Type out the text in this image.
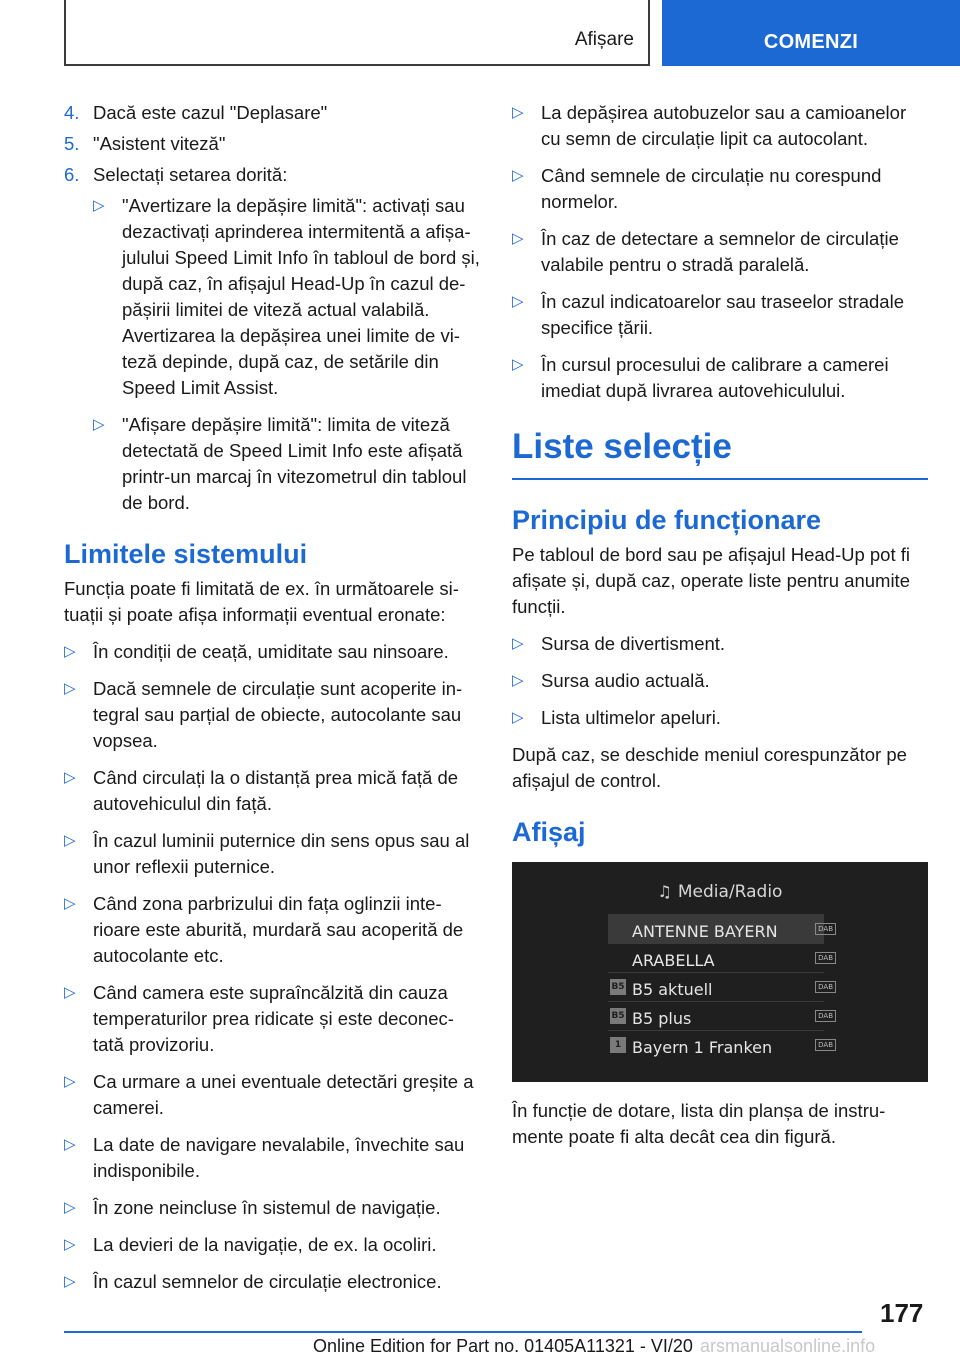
Afișare	COMENZI
4. Dacă este cazul "Deplasare"
5. "Asistent viteză"
6. Selectați setarea dorită:
▷ "Avertizare la depășire limită": activați sau dezactivați aprinderea intermitentă a afișa-julului Speed Limit Info în tabloul de bord și, după caz, în afișajul Head-Up în cazul de-pășirii limitei de viteză actual valabilă. Avertizarea la depășirea unei limite de vi-teză depinde, după caz, de setările din Speed Limit Assist.
▷ "Afișare depășire limită": limita de viteză detectată de Speed Limit Info este afișată printr-un marcaj în vitezometrul din tabloul de bord.
Limitele sistemului

Funcția poate fi limitată de ex. în următoarele si-tuații și poate afișa informații eventual eronate:

▷ În condiții de ceață, umiditate sau ninsoare.
▷ Dacă semnele de circulație sunt acoperite in-tegral sau parțial de obiecte, autocolante sau vopsea.
▷ Când circulați la o distanță prea mică față de autovehiculul din față.
▷ În cazul luminii puternice din sens opus sau al unor reflexii puternice.
▷ Când zona parbrizului din fața oglinzii inte-rioare este aburită, murdară sau acoperită de autocolante etc.
▷ Când camera este supraîncălzită din cauza temperaturilor prea ridicate și este deconec-tată provizoriu.
▷ Ca urmare a unei eventuale detectări greșite a camerei.
▷ La date de navigare nevalabile, învechite sau indisponibile.
▷ În zone neincluse în sistemul de navigație.
▷ La devieri de la navigație, de ex. la ocoliri.
▷ În cazul semnelor de circulație electronice.
▷ La depășirea autobuzelor sau a camioanelor cu semn de circulație lipit ca autocolant.
▷ Când semnele de circulație nu corespund normelor.
▷ În caz de detectare a semnelor de circulație valabile pentru o stradă paralelă.
▷ În cazul indicatoarelor sau traseelor stradale specifice țării.
▷ În cursul procesului de calibrare a camerei imediat după livrarea autovehiculului.
Liste selecție
Principiu de funcționare

Pe tabloul de bord sau pe afișajul Head-Up pot fi afișate și, după caz, operate liste pentru anumite funcții.

▷ Sursa de divertisment.
▷ Sursa audio actuală.
▷ Lista ultimelor apeluri.

După caz, se deschide meniul corespunzător pe afișajul de control.

Afișaj
♫ Media/Radio
ANTENNE BAYERN	DAB
ARABELLA	DAB
B5 B5 aktuell	DAB
B5 B5 plus	DAB
1 Bayern 1 Franken	DAB

În funcție de dotare, lista din planșa de instru-mente poate fi alta decât cea din figură.

177
Online Edition for Part no. 01405A11321 - VI/20 arsmanualsonline.info
